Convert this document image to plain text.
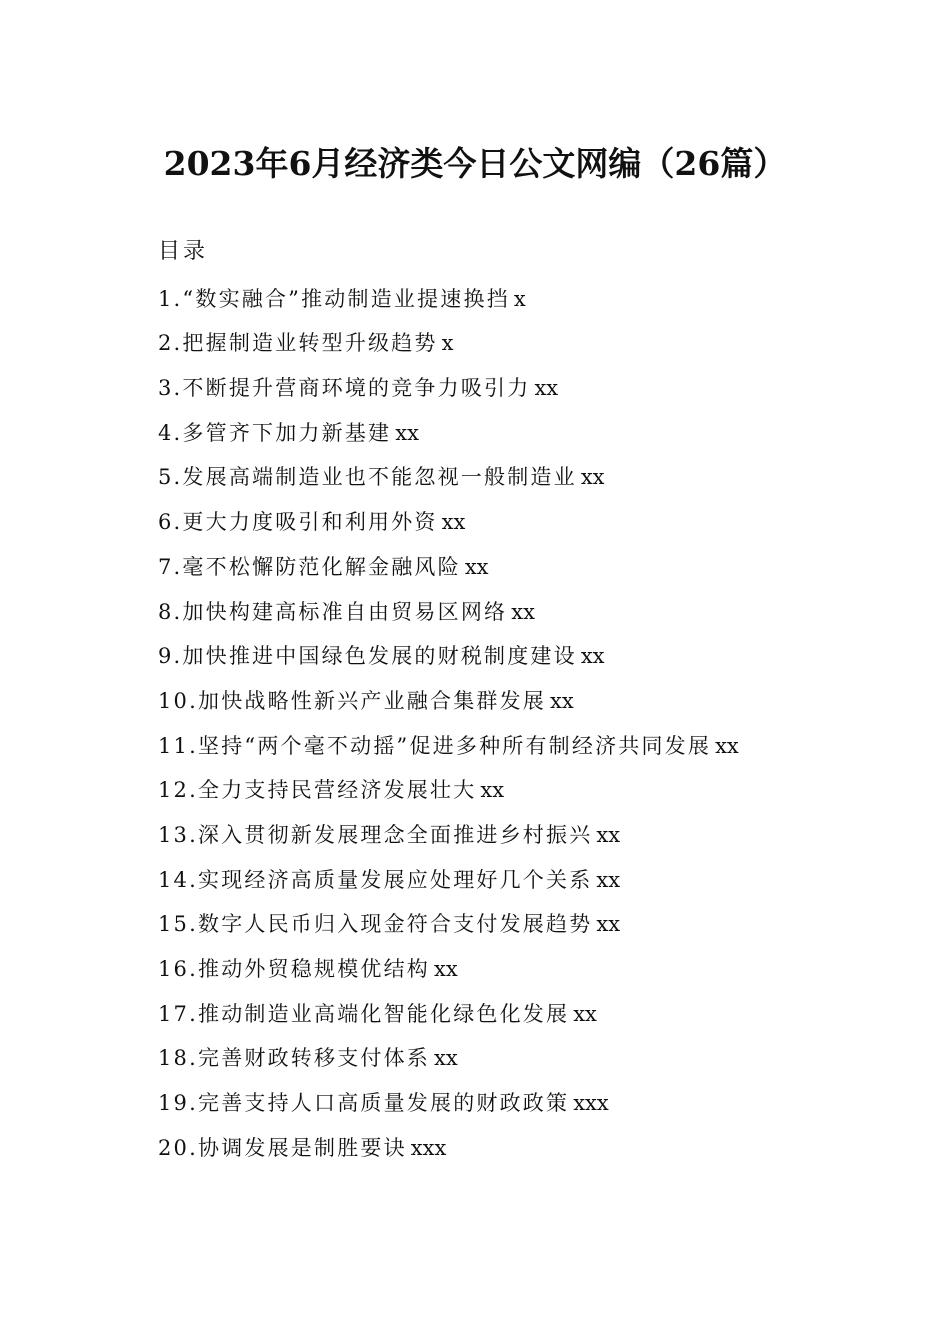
2023年6月经济类今日公文网编（26篇）
目录
1.“数实融合”推动制造业提速换挡 x
2.把握制造业转型升级趋势 x
3.不断提升营商环境的竞争力吸引力 xx
4.多管齐下加力新基建 xx
5.发展高端制造业也不能忽视一般制造业 xx
6.更大力度吸引和利用外资 xx
7.毫不松懈防范化解金融风险 xx
8.加快构建高标准自由贸易区网络 xx
9.加快推进中国绿色发展的财税制度建设 xx
10.加快战略性新兴产业融合集群发展 xx
11.坚持“两个毫不动摇”促进多种所有制经济共同发展 xx
12.全力支持民营经济发展壮大 xx
13.深入贯彻新发展理念全面推进乡村振兴 xx
14.实现经济高质量发展应处理好几个关系 xx
15.数字人民币归入现金符合支付发展趋势 xx
16.推动外贸稳规模优结构 xx
17.推动制造业高端化智能化绿色化发展 xx
18.完善财政转移支付体系 xx
19.完善支持人口高质量发展的财政政策 xxx
20.协调发展是制胜要诀 xxx
